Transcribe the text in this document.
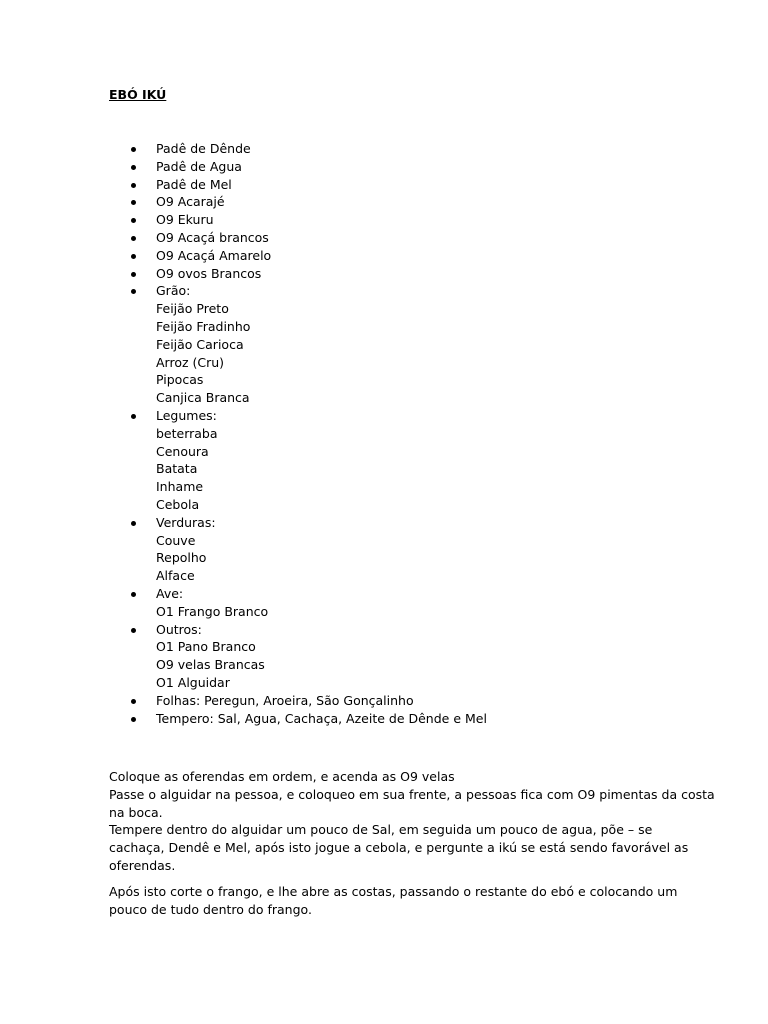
EBÓ IKÚ
Padê de Dênde
Padê de Agua
Padê de Mel
O9 Acarajé
O9 Ekuru
O9 Acaçá brancos
O9 Acaçá Amarelo
O9 ovos Brancos
Grão:
Feijão Preto
Feijão Fradinho
Feijão Carioca
Arroz (Cru)
Pipocas
Canjica Branca
Legumes:
beterraba
Cenoura
Batata
Inhame
Cebola
Verduras:
Couve
Repolho
Alface
Ave:
O1 Frango Branco
Outros:
O1 Pano Branco
O9 velas Brancas
O1 Alguidar
Folhas: Peregun, Aroeira, São Gonçalinho
Tempero: Sal, Agua, Cachaça, Azeite de Dênde e Mel

Coloque as oferendas em ordem, e acenda as O9 velas
Passe o alguidar na pessoa, e coloqueo em sua frente, a pessoas fica com O9 pimentas da costa
na boca.
Tempere dentro do alguidar um pouco de Sal, em seguida um pouco de agua, põe – se
cachaça, Dendê e Mel, após isto jogue a cebola, e pergunte a ikú se está sendo favorável as
oferendas.

Após isto corte o frango, e lhe abre as costas, passando o restante do ebó e colocando um
pouco de tudo dentro do frango.
